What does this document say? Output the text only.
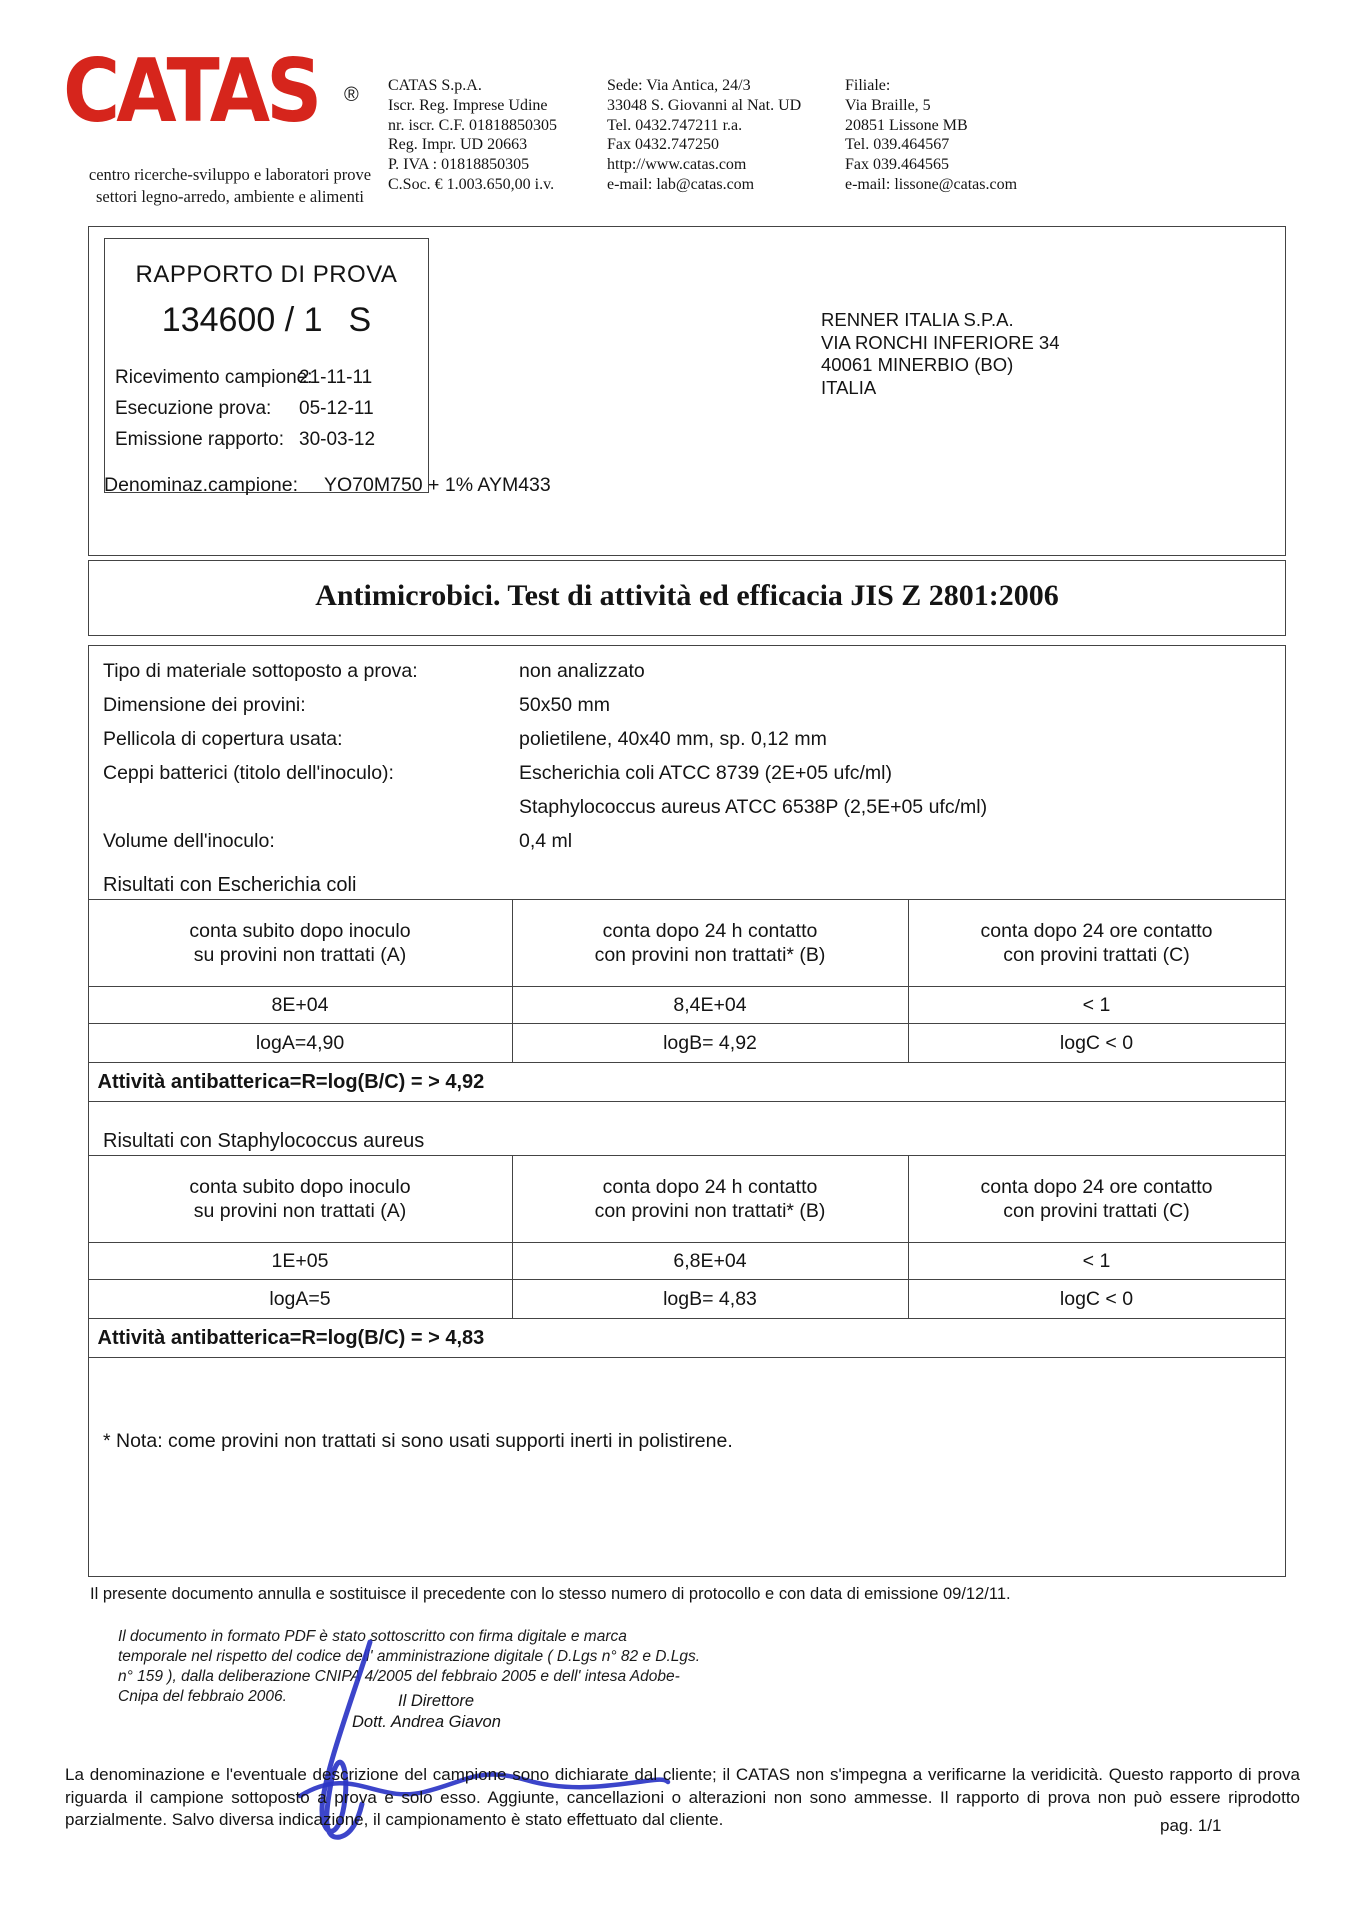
CATAS ®
centro ricerche-sviluppo e laboratori prove settori legno-arredo, ambiente e alimenti
CATAS S.p.A.
Iscr. Reg. Imprese Udine
nr. iscr. C.F. 01818850305
Reg. Impr. UD 20663
P. IVA : 01818850305
C.Soc. € 1.003.650,00 i.v.
Sede: Via Antica, 24/3
33048 S. Giovanni al Nat. UD
Tel. 0432.747211 r.a.
Fax 0432.747250
http://www.catas.com
e-mail: lab@catas.com
Filiale:
Via Braille, 5
20851 Lissone MB
Tel. 039.464567
Fax 039.464565
e-mail: lissone@catas.com
RAPPORTO DI PROVA
134600 / 1 S
Ricevimento campione:
21-11-11
Esecuzione prova: 05-12-11
Emissione rapporto: 30-03-12
Denominaz.campione: YO70M750 + 1% AYM433
RENNER ITALIA S.P.A.
VIA RONCHI INFERIORE 34
40061 MINERBIO (BO)
ITALIA
Antimicrobici. Test di attività ed efficacia JIS Z 2801:2006
Tipo di materiale sottoposto a prova:	non analizzato
Dimensione dei provini:	50x50 mm
Pellicola di copertura usata:	polietilene, 40x40 mm, sp. 0,12 mm
Ceppi batterici (titolo dell'inoculo):	Escherichia coli ATCC 8739 (2E+05 ufc/ml)
Staphylococcus aureus ATCC 6538P (2,5E+05 ufc/ml)
Volume dell'inoculo:	0,4 ml
Risultati con Escherichia coli
conta subito dopo inoculo
su provini non trattati (A)
conta dopo 24 h contatto
con provini non trattati* (B)
conta dopo 24 ore contatto
con provini trattati (C)
8E+04	8,4E+04	< 1
logA=4,90	logB= 4,92	logC < 0
Attività antibatterica=R=log(B/C) = > 4,92
Risultati con Staphylococcus aureus
conta subito dopo inoculo
su provini non trattati (A)
conta dopo 24 h contatto
con provini non trattati* (B)
conta dopo 24 ore contatto
con provini trattati (C)
1E+05	6,8E+04	< 1
logA=5	logB= 4,83	logC < 0
Attività antibatterica=R=log(B/C) = > 4,83
* Nota: come provini non trattati si sono usati supporti inerti in polistirene.
Il presente documento annulla e sostituisce il precedente con lo stesso numero di protocollo e con data di emissione 09/12/11.
Il documento in formato PDF è stato sottoscritto con firma digitale e marca
temporale nel rispetto del codice dell' amministrazione digitale ( D.Lgs n° 82 e D.Lgs.
n° 159 ), dalla deliberazione CNIPA 4/2005 del febbraio 2005 e dell' intesa Adobe-
Cnipa del febbraio 2006.	Il Direttore
Dott. Andrea Giavon
La denominazione e l'eventuale descrizione del campione sono dichiarate dal cliente; il CATAS non s'impegna a verificarne la veridicità. Questo rapporto di prova riguarda il campione sottoposto a prova e solo esso. Aggiunte, cancellazioni o alterazioni non sono ammesse. Il rapporto di prova non può essere riprodotto parzialmente. Salvo diversa indicazione, il campionamento è stato effettuato dal cliente.	pag. 1/1
